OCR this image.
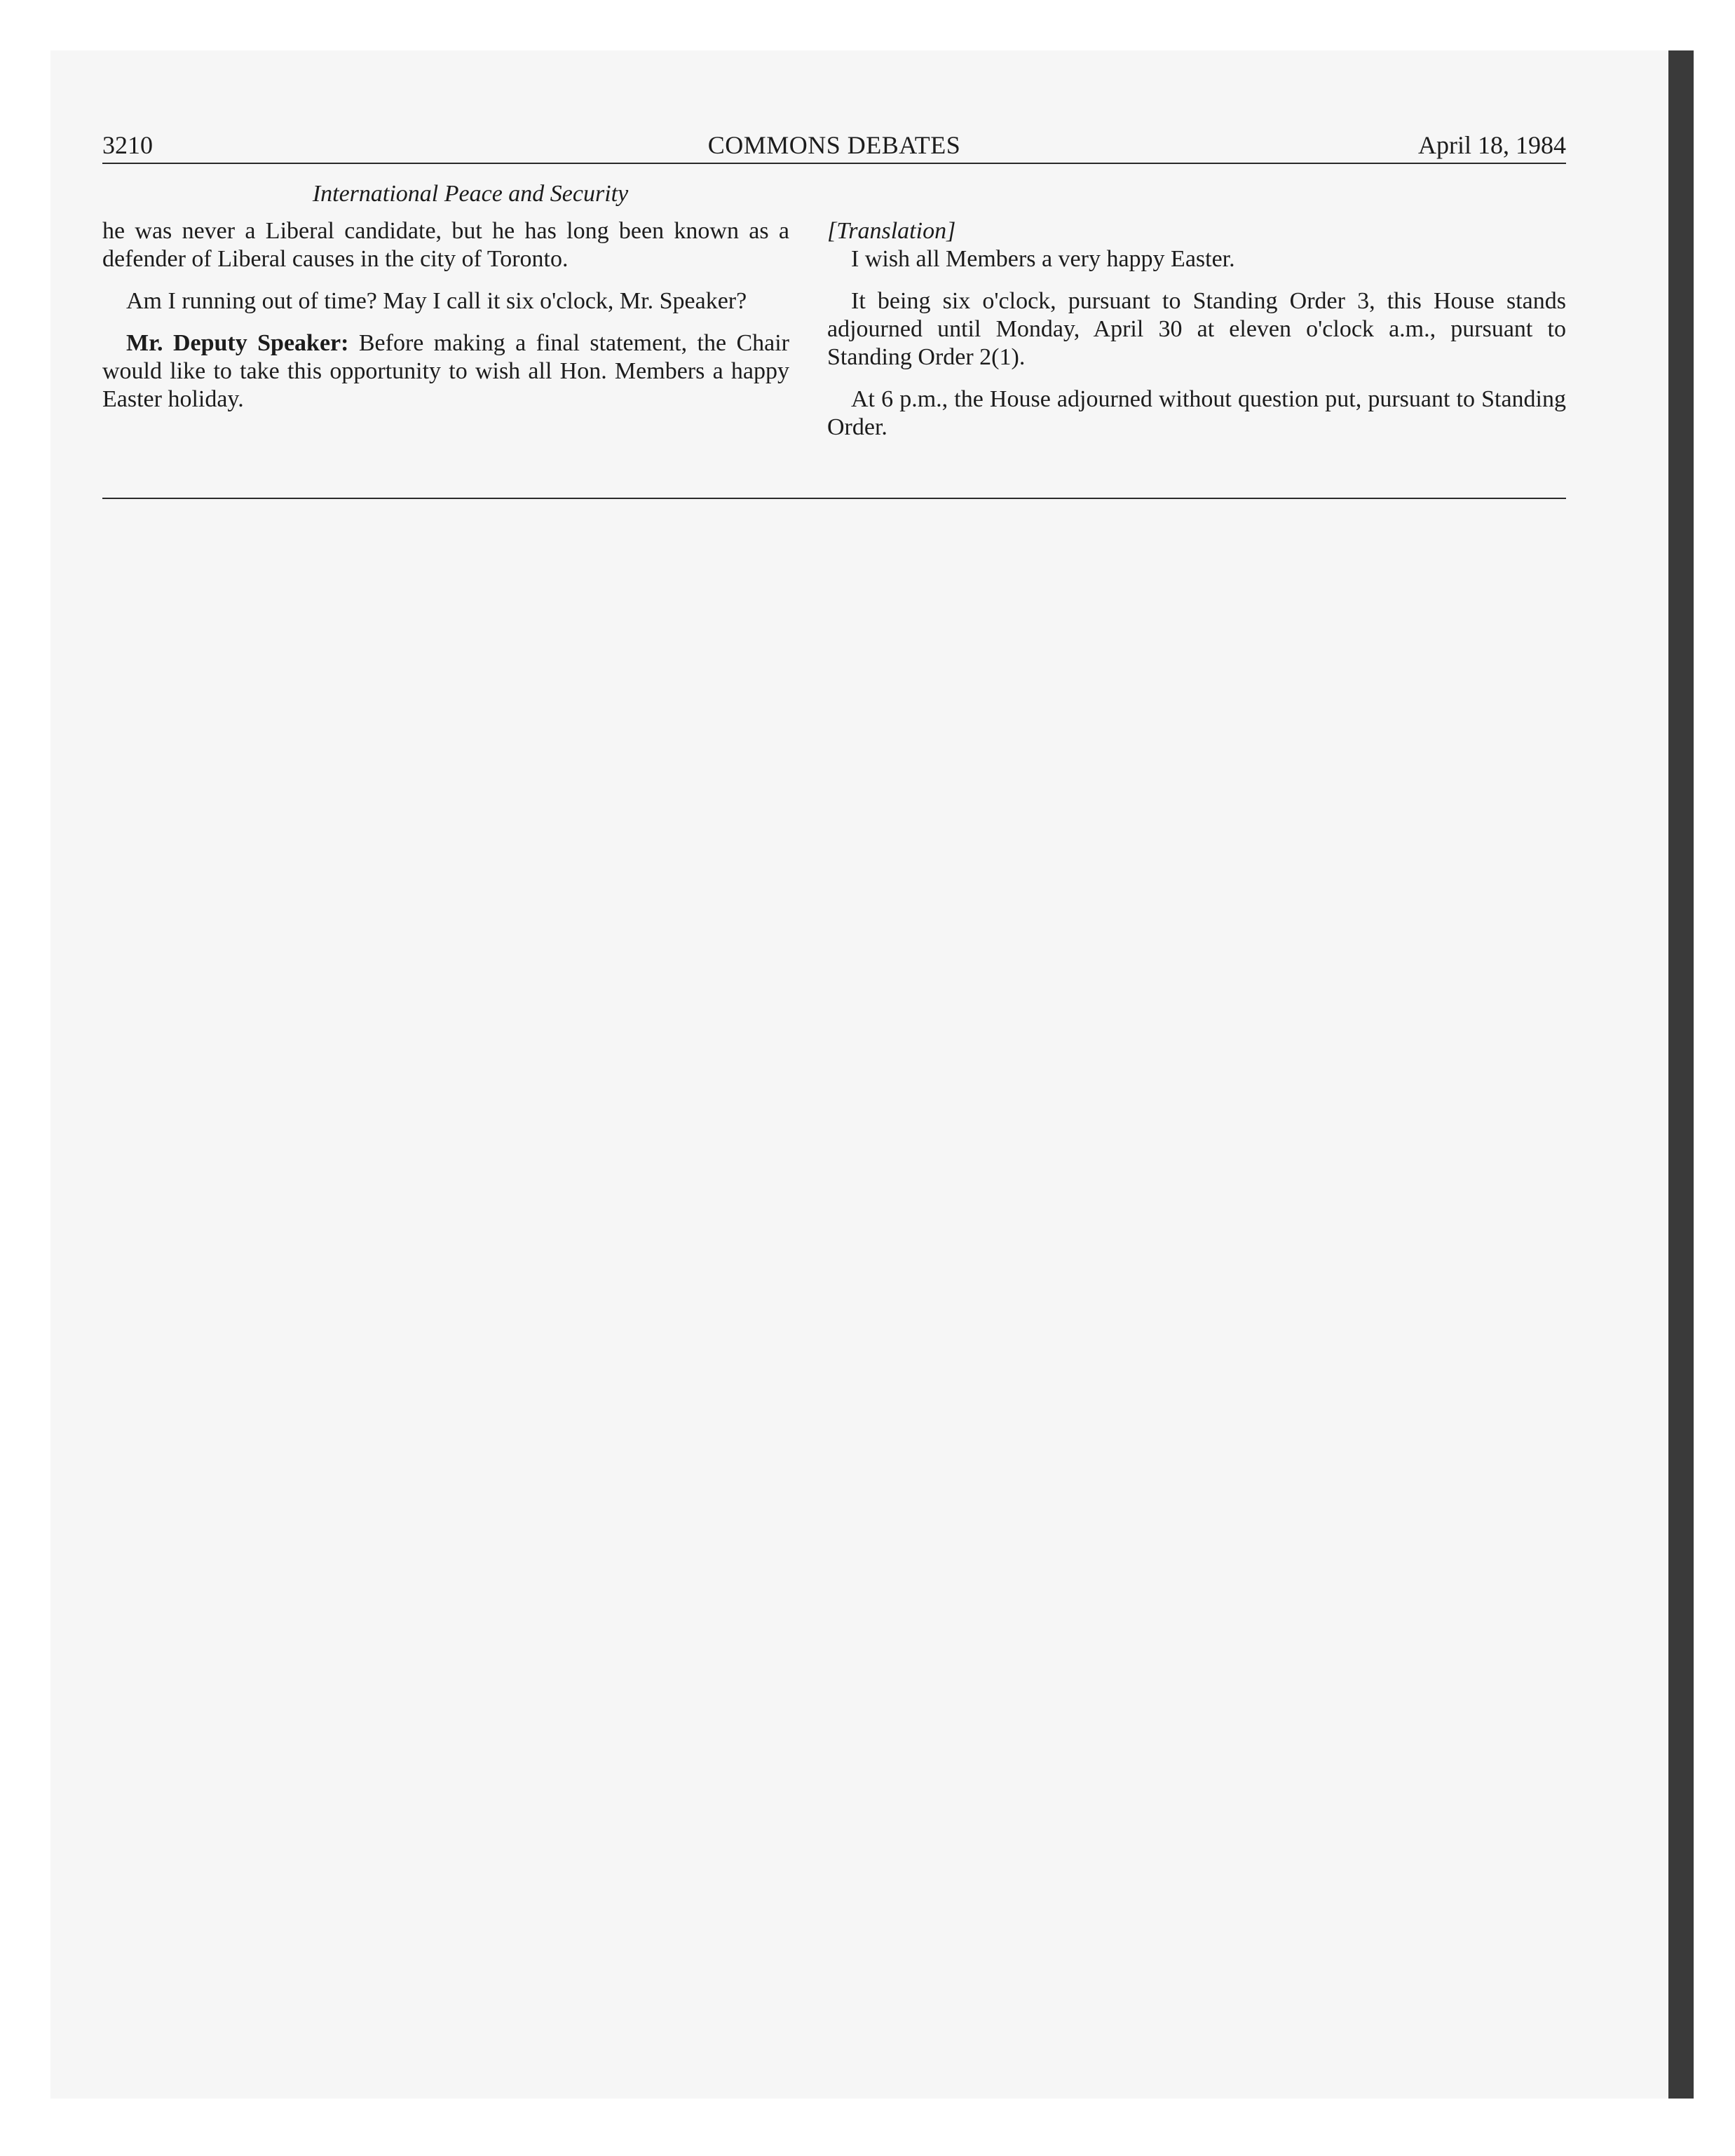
3210	COMMONS DEBATES	April 18, 1984
International Peace and Security

he was never a Liberal candidate, but he has long been known as a defender of Liberal causes in the city of Toronto.

Am I running out of time? May I call it six o'clock, Mr. Speaker?

Mr. Deputy Speaker: Before making a final statement, the Chair would like to take this opportunity to wish all Hon. Members a happy Easter holiday.

[Translation]

I wish all Members a very happy Easter.

It being six o'clock, pursuant to Standing Order 3, this House stands adjourned until Monday, April 30 at eleven o'clock a.m., pursuant to Standing Order 2(1).

At 6 p.m., the House adjourned without question put, pursuant to Standing Order.
